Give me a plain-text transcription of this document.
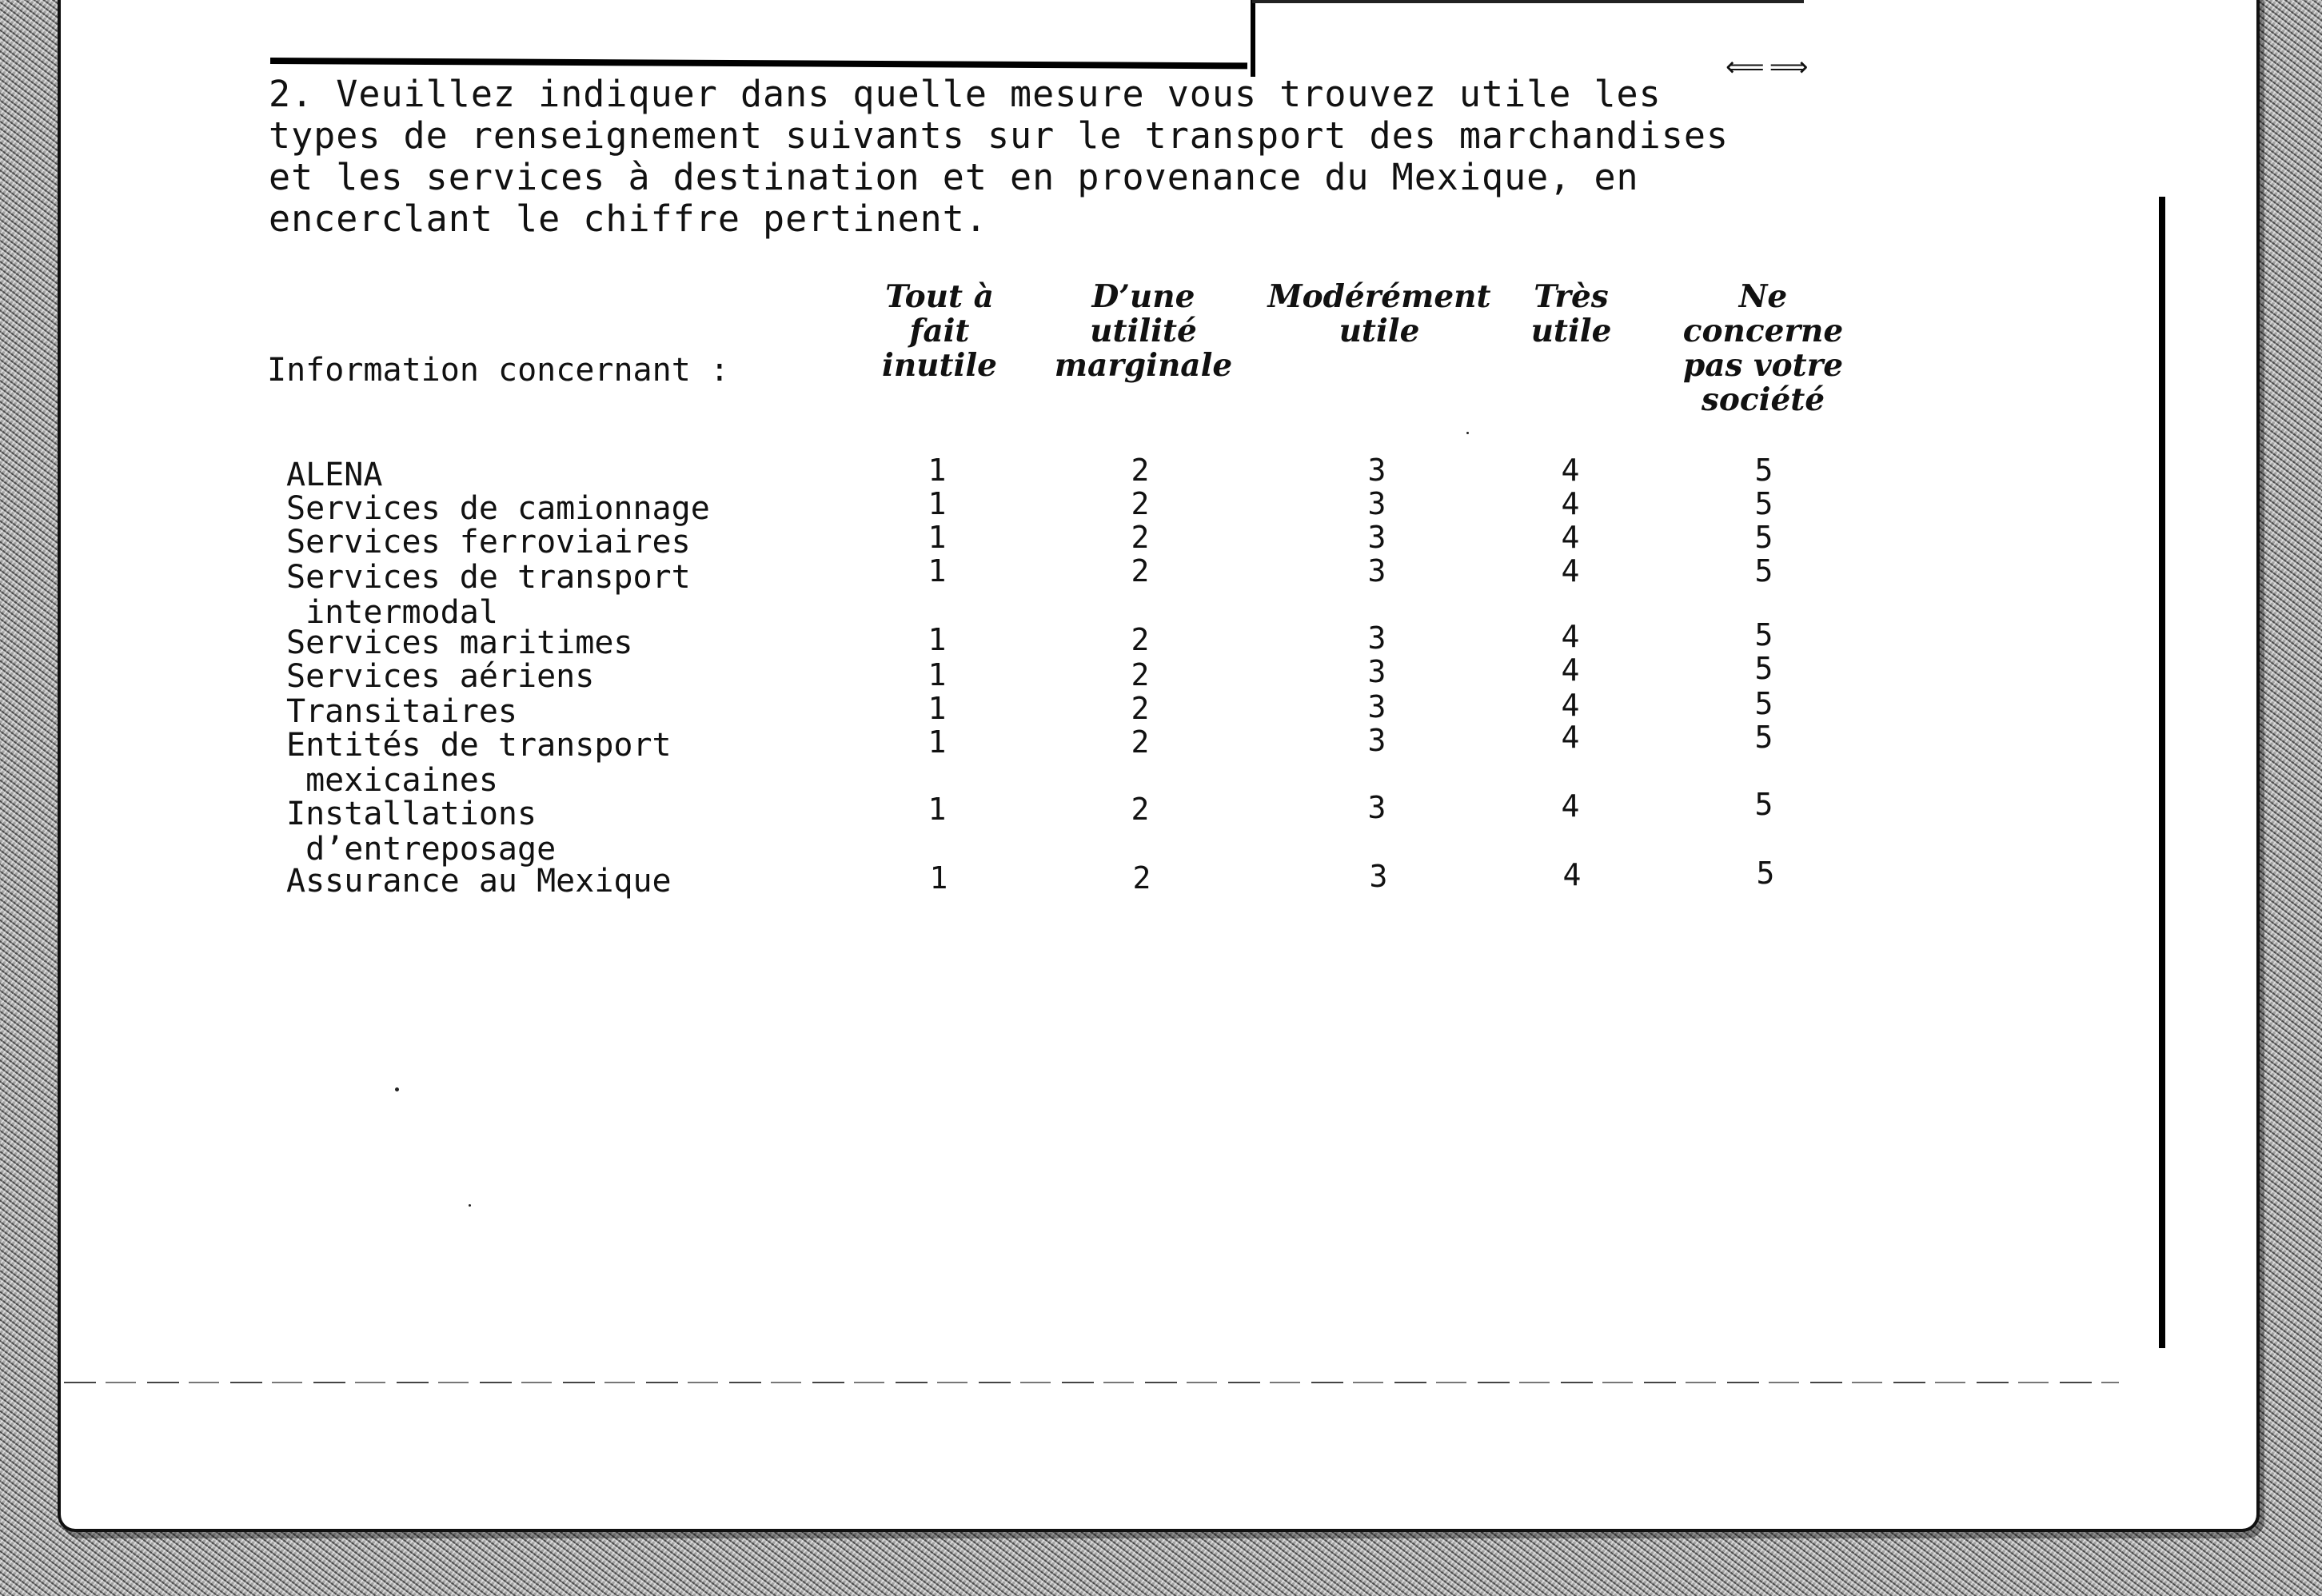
⟸⟹

2. Veuillez indiquer dans quelle mesure vous trouvez utile les
types de renseignement suivants sur le transport des marchandises
et les services à destination et en provenance du Mexique, en
encerclant le chiffre pertinent.

Information concernant :

Tout à
fait
inutile

D’une
utilité
marginale

Modérément
utile

Très
utile

Ne
concerne
pas votre
société

ALENA	1	2	3	4	5

Services de camionnage	1	2	3	4	5

Services ferroviaires	1	2	3	4	5

Services de transport
intermodal

1	2	3	4	5

Services maritimes	1	2	3	4	5

Services aériens	1	2	3	4	5

Transitaires	1	2	3	4	5

Entités de transport
mexicaines

1	2	3	4	5

Installations
d’entreposage

1	2	3	4	5

Assurance au Mexique	1	2	3	4	5
